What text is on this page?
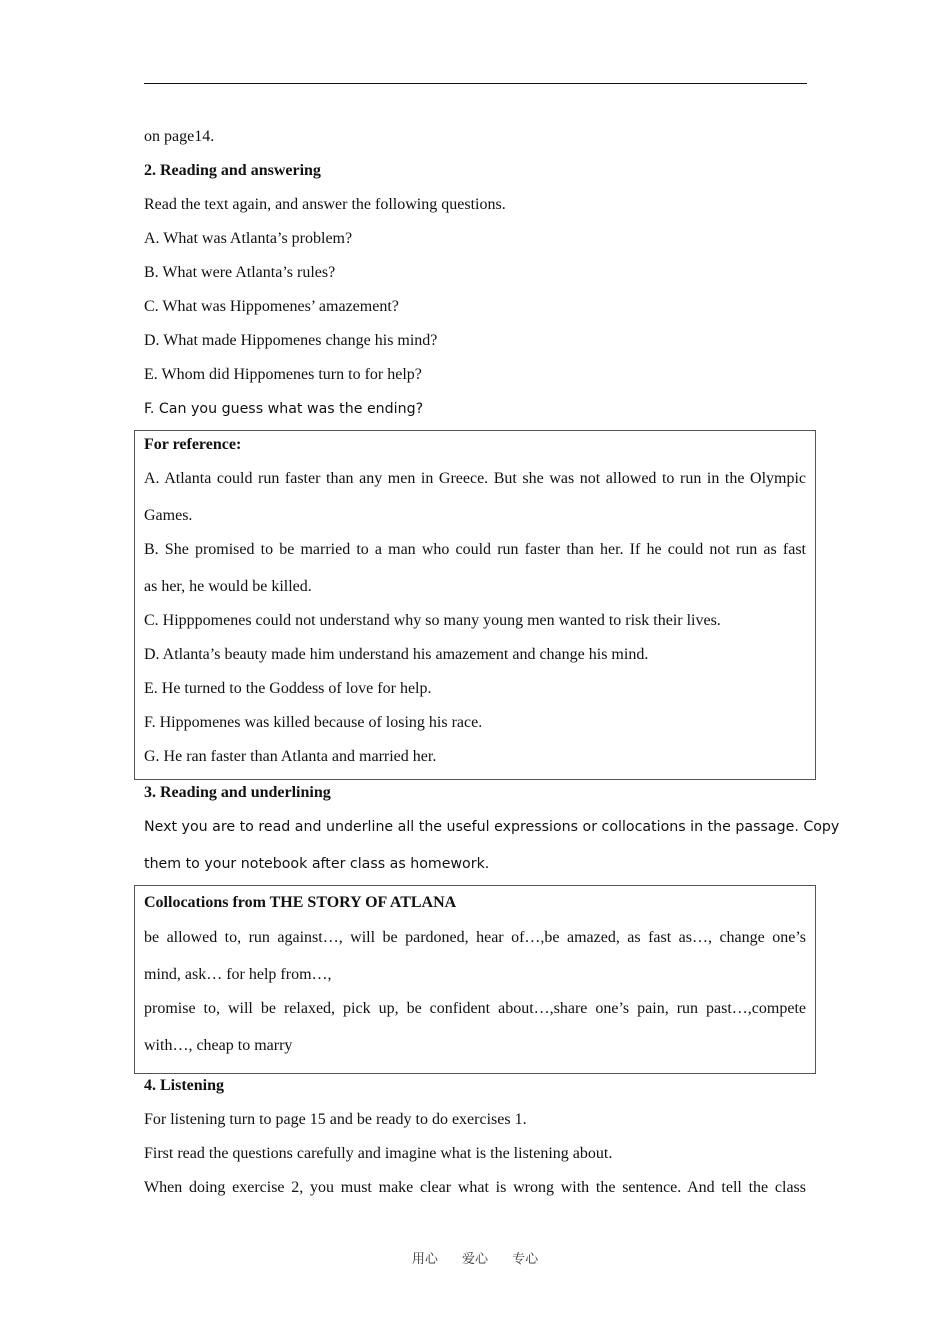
on page14.
2. Reading and answering
Read the text again, and answer the following questions.
A. What was Atlanta’s problem?
B. What were Atlanta’s rules?
C. What was Hippomenes’ amazement?
D. What made Hippomenes change his mind?
E. Whom did Hippomenes turn to for help?
F. Can you guess what was the ending?
For reference:
A. Atlanta could run faster than any men in Greece. But she was not allowed to run in the Olympic
Games.
B. She promised to be married to a man who could run faster than her. If he could not run as fast
as her, he would be killed.
C. Hipppomenes could not understand why so many young men wanted to risk their lives.
D. Atlanta’s beauty made him understand his amazement and change his mind.
E. He turned to the Goddess of love for help.
F. Hippomenes was killed because of losing his race.
G. He ran faster than Atlanta and married her.
3. Reading and underlining
Next you are to read and underline all the useful expressions or collocations in the passage. Copy
them to your notebook after class as homework.
Collocations from THE STORY OF ATLANA
be allowed to, run against…, will be pardoned, hear of…,be amazed, as fast as…, change one’s
mind, ask… for help from…,
promise to, will be relaxed, pick up, be confident about…,share one’s pain, run past…,compete
with…, cheap to marry
4. Listening
For listening turn to page 15 and be ready to do exercises 1.
First read the questions carefully and imagine what is the listening about.
When doing exercise 2, you must make clear what is wrong with the sentence. And tell the class
用心 爱心 专心
